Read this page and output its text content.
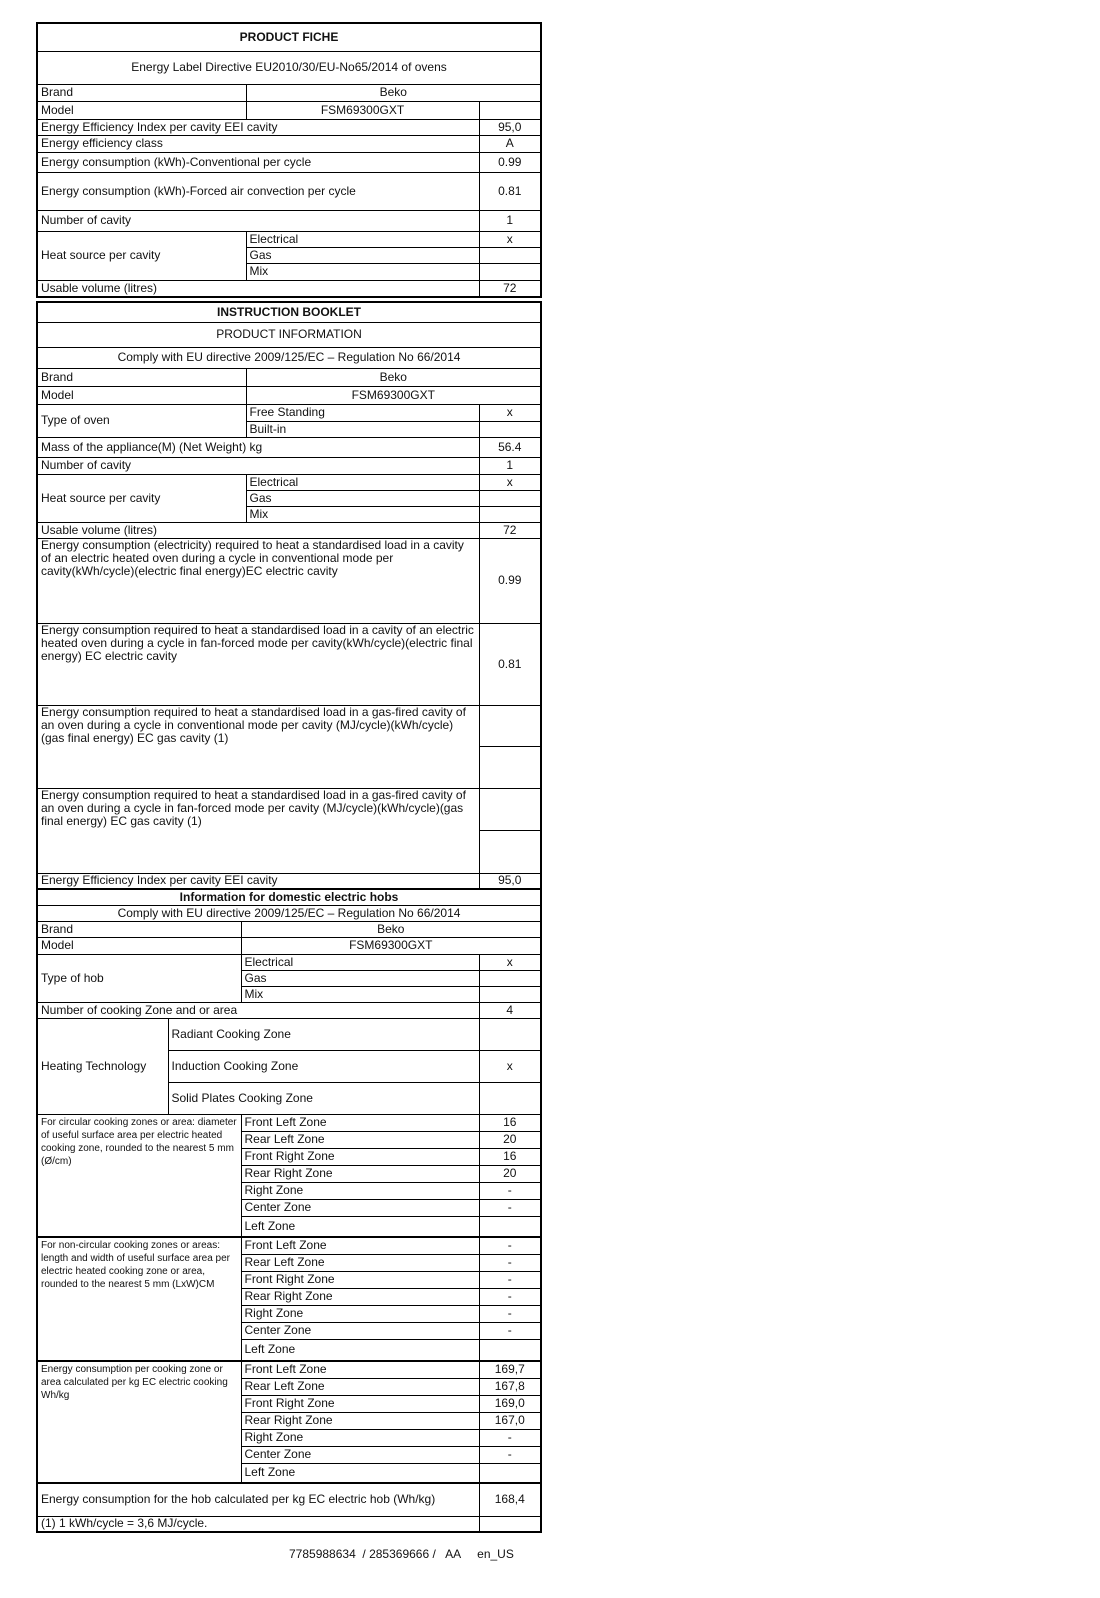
PRODUCT FICHE		
Energy Label Directive EU2010/30/EU-No65/2014 of ovens		
Brand	Beko	
Model	FSM69300GXT	
Energy Efficiency Index per cavity EEI cavity		95,0
Energy efficiency class		A
Energy consumption (kWh)-Conventional per cycle		0.99
Energy consumption (kWh)-Forced air convection per cycle		0.81
Number of cavity		1
Heat source per cavity	Electrical	x
	Gas	
	Mix	
Usable volume (litres)		72
INSTRUCTION BOOKLET		
PRODUCT INFORMATION		
Comply with EU directive 2009/125/EC – Regulation No 66/2014		
Brand	Beko	
Model	FSM69300GXT	
Type of oven	Free Standing	x
	Built-in	
Mass of the appliance(M) (Net Weight) kg		56.4
Number of cavity		1
Heat source per cavity	Electrical	x
	Gas	
	Mix	
Usable volume (litres)		72
Energy consumption (electricity) required to heat a standardised load in a cavity of an electric heated oven during a cycle in conventional mode per cavity(kWh/cycle)(electric final energy)EC electric cavity		0.99
Energy consumption required to heat a standardised load in a cavity of an electric heated oven during a cycle in fan-forced mode per cavity(kWh/cycle)(electric final energy) EC electric cavity		0.81
Energy consumption required to heat a standardised load in a gas-fired cavity of an oven during a cycle in conventional mode per cavity (MJ/cycle)(kWh/cycle)(gas final energy) EC gas cavity (1)		

Energy consumption required to heat a standardised load in a gas-fired cavity of an oven during a cycle in fan-forced mode per cavity (MJ/cycle)(kWh/cycle)(gas final energy) EC gas cavity (1)		

Energy Efficiency Index per cavity EEI cavity		95,0
Information for domestic electric hobs			
Comply with EU directive 2009/125/EC – Regulation No 66/2014			
Brand		Beko	
Model		FSM69300GXT	
Type of hob		Electrical	x
		Gas	
		Mix	
Number of cooking Zone and or area			4
Heating Technology	Radiant Cooking Zone		
	Induction Cooking Zone		x
	Solid Plates Cooking Zone		
For circular cooking zones or area: diameter of useful surface area per electric heated cooking zone, rounded to the nearest 5 mm (Ø/cm)		Front Left Zone	16
		Rear Left Zone	20
		Front Right Zone	16
		Rear Right Zone	20
		Right Zone	-
		Center Zone	-
		Left Zone	
For non-circular cooking zones or areas: length and width of useful surface area per electric heated cooking zone or area, rounded to the nearest 5 mm (LxW)CM		Front Left Zone	-
		Rear Left Zone	-
		Front Right Zone	-
		Rear Right Zone	-
		Right Zone	-
		Center Zone	-
		Left Zone	
Energy consumption per cooking zone or area calculated per kg EC electric cooking Wh/kg		Front Left Zone	169,7
		Rear Left Zone	167,8
		Front Right Zone	169,0
		Rear Right Zone	167,0
		Right Zone	-
		Center Zone	-
		Left Zone	
Energy consumption for the hob calculated per kg EC electric hob (Wh/kg)			168,4
(1) 1 kWh/cycle = 3,6 MJ/cycle.			
7785988634  / 285369666 /   AA     en_US
